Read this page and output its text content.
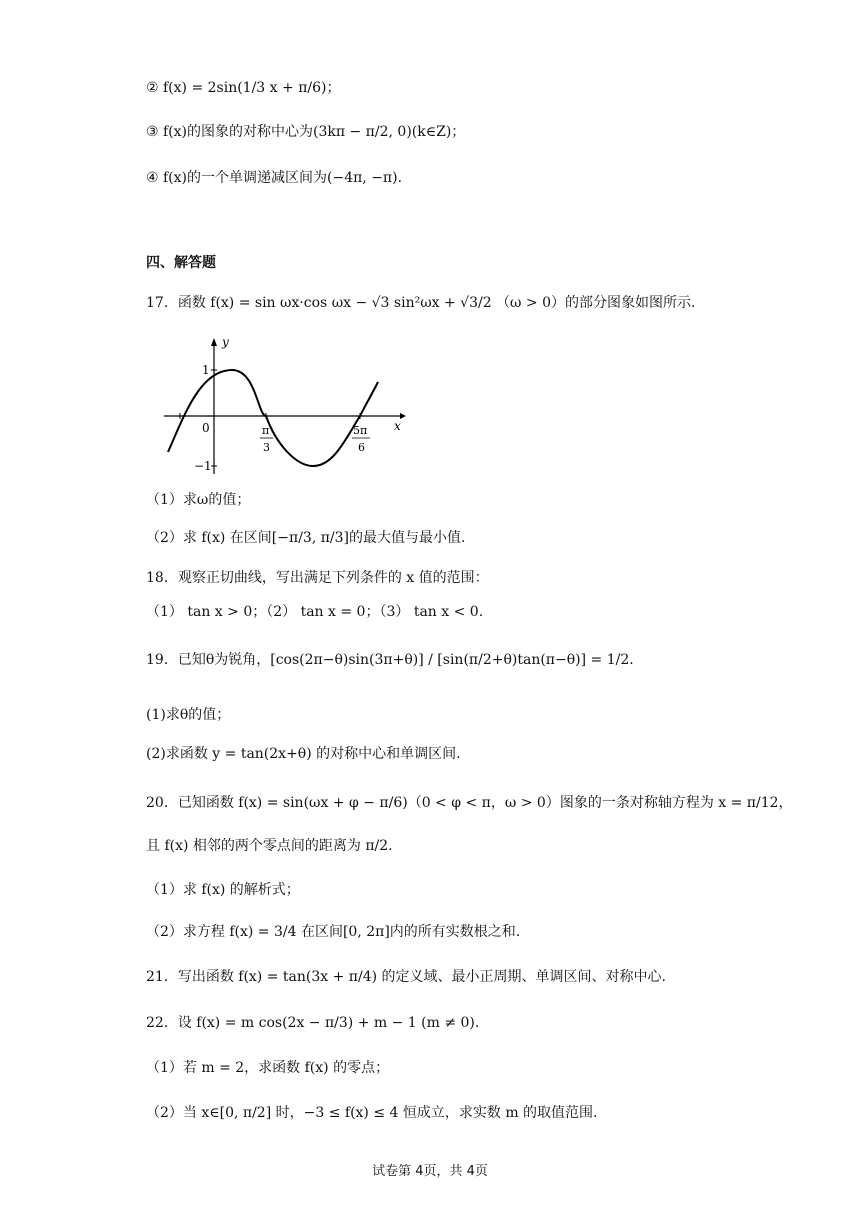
② f(x) = 2sin(1/3 x + π/6)；
③ f(x)的图象的对称中心为(3kπ − π/2, 0)(k∈Z)；
④ f(x)的一个单调递减区间为(−4π, −π).
四、解答题
17．函数 f(x) = sin ωx·cos ωx − √3 sin²ωx + √3/2 （ω > 0）的部分图象如图所示.
y
x
0
1
−1
π
3
5π
6
（1）求ω的值；
（2）求 f(x) 在区间[−π/3, π/3]的最大值与最小值.
18．观察正切曲线，写出满足下列条件的 x 值的范围：
（1） tan x > 0；（2） tan x = 0；（3） tan x < 0.
19．已知θ为锐角，[cos(2π−θ)sin(3π+θ)] / [sin(π/2+θ)tan(π−θ)] = 1/2.
(1)求θ的值；
(2)求函数 y = tan(2x+θ) 的对称中心和单调区间.
20．已知函数 f(x) = sin(ωx + φ − π/6)（0 < φ < π，ω > 0）图象的一条对称轴方程为 x = π/12，
且 f(x) 相邻的两个零点间的距离为 π/2.
（1）求 f(x) 的解析式；
（2）求方程 f(x) = 3/4 在区间[0, 2π]内的所有实数根之和.
21．写出函数 f(x) = tan(3x + π/4) 的定义域、最小正周期、单调区间、对称中心.
22．设 f(x) = m cos(2x − π/3) + m − 1 (m ≠ 0).
（1）若 m = 2，求函数 f(x) 的零点；
（2）当 x∈[0, π/2] 时，−3 ≤ f(x) ≤ 4 恒成立，求实数 m 的取值范围.
试卷第 4页，共 4页
